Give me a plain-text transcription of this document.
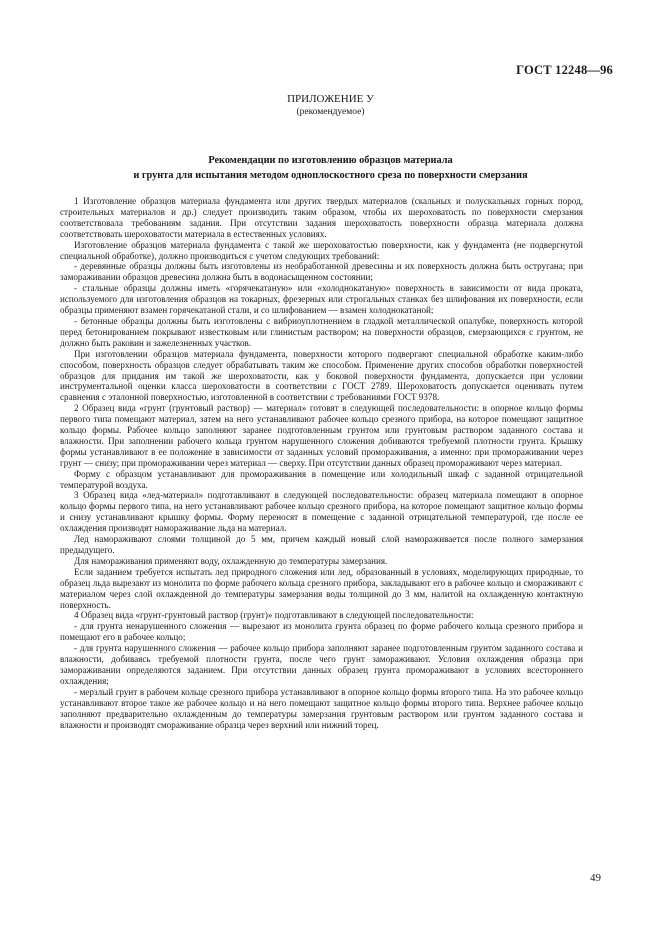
ГОСТ 12248—96
ПРИЛОЖЕНИЕ У
(рекомендуемое)
Рекомендации по изготовлению образцов материала
и грунта для испытания методом одноплоскостного среза по поверхности смерзания

1 Изготовление образцов материала фундамента или других твердых материалов (скальных и полускальных горных пород, строительных материалов и др.) следует производить таким образом, чтобы их шероховатость по поверхности смерзания соответствовала требованиям задания. При отсутствии задания шероховатость поверхности образца материала должна соответствовать шероховатости материала в естественных условиях.

Изготовление образцов материала фундамента с такой же шероховатостью поверхности, как у фундамента (не подвергнутой специальной обработке), должно производиться с учетом следующих требований:

- деревянные образцы должны быть изготовлены из необработанной древесины и их поверхность должна быть оструганa; при замораживании образцов древесина должна быть в водонасыщенном состоянии;

- стальные образцы должны иметь «горячекатаную» или «холоднокатаную» поверхность в зависимости от вида проката, используемого для изготовления образцов на токарных, фрезерных или строгальных станках без шлифования их поверхности, если образцы применяют взамен горячекатаной стали, и со шлифованием — взамен холоднокатаной;

- бетонные образцы должны быть изготовлены с вибриоуплотнением в гладкой металлической опалубке, поверхность которой перед бетонированием покрывают известковым или глинистым раствором; на поверхности образцов, смерзающихся с грунтом, не должно быть раковин и зажелезненных участков.

При изготовлении образцов материала фундамента, поверхности которого подвергают специальной обработке каким-либо способом, поверхность образцов следует обрабатывать таким же способом. Применение других способов обработки поверхностей образцов для придания им такой же шероховатости, как у боковой поверхности фундамента, допускается при условии инструментальной оценки класса шероховатости в соответствии с ГОСТ 2789. Шероховатость допускается оценивать путем сравнения с эталонной поверхностью, изготовленной в соответствии с требованиями ГОСТ 9378.

2 Образец вида «грунт (грунтовый раствор) — материал» готовят в следующей последовательности: в опорное кольцо формы первого типа помещают материал, затем на него устанавливают рабочее кольцо срезного прибора, на которое помещают защитное кольцо формы. Рабочее кольцо заполняют заранее подготовленным грунтом или грунтовым раствором заданного состава и влажности. При заполнении рабочего кольца грунтом нарушенного сложения добиваются требуемой плотности грунта. Крышку формы устанавливают в ее положение в зависимости от заданных условий промораживания, а именно: при промораживании через грунт — снизу; при промораживании через материал — сверху. При отсутствии данных образец промораживают через материал.

Форму с образцом устанавливают для промораживания в помещение или холодильный шкаф с заданной отрицательной температурой воздуха.

3 Образец вида «лед-материал» подготавливают в следующей последовательности: образец материала помещают в опорное кольцо формы первого типа, на него устанавливают рабочее кольцо срезного прибора, на которое помещают защитное кольцо формы и снизу устанавливают крышку формы. Форму переносят в помещение с заданной отрицательной температурой, где после ее охлаждения производят намораживание льда на материал.

Лед намораживают слоями толщиной до 5 мм, причем каждый новый слой намораживается после полного замерзания предыдущего.

Для намораживания применяют воду, охлажденную до температуры замерзания.

Если заданием требуется испытать лед природного сложения или лед, образованный в условиях, моделирующих природные, то образец льда вырезают из монолита по форме рабочего кольца срезного прибора, закладывают его в рабочее кольцо и смораживают с материалом через слой охлажденной до температуры замерзания воды толщиной до 3 мм, налитой на охлажденную контактную поверхность.

4 Образец вида «грунт-грунтовый раствор (грунт)» подготавливают в следующей последовательности:

- для грунта ненарушенного сложения — вырезают из монолита грунта образец по форме рабочего кольца срезного прибора и помещают его в рабочее кольцо;

- для грунта нарушенного сложения — рабочее кольцо прибора заполняют заранее подготовленным грунтом заданного состава и влажности, добиваясь требуемой плотности грунта, после чего грунт замораживают. Условия охлаждения образца при замораживании определяются заданием. При отсутствии данных образец грунта промораживают в условиях всестороннего охлаждения;

- мерзлый грунт в рабочем кольце срезного прибора устанавливают в опорное кольцо формы второго типа. На это рабочее кольцо устанавливают второе такое же рабочее кольцо и на него помещают защитное кольцо формы второго типа. Верхнее рабочее кольцо заполняют предварительно охлажденным до температуры замерзания грунтовым раствором или грунтом заданного состава и влажности и производят смораживание образца через верхний или нижний торец.

49
